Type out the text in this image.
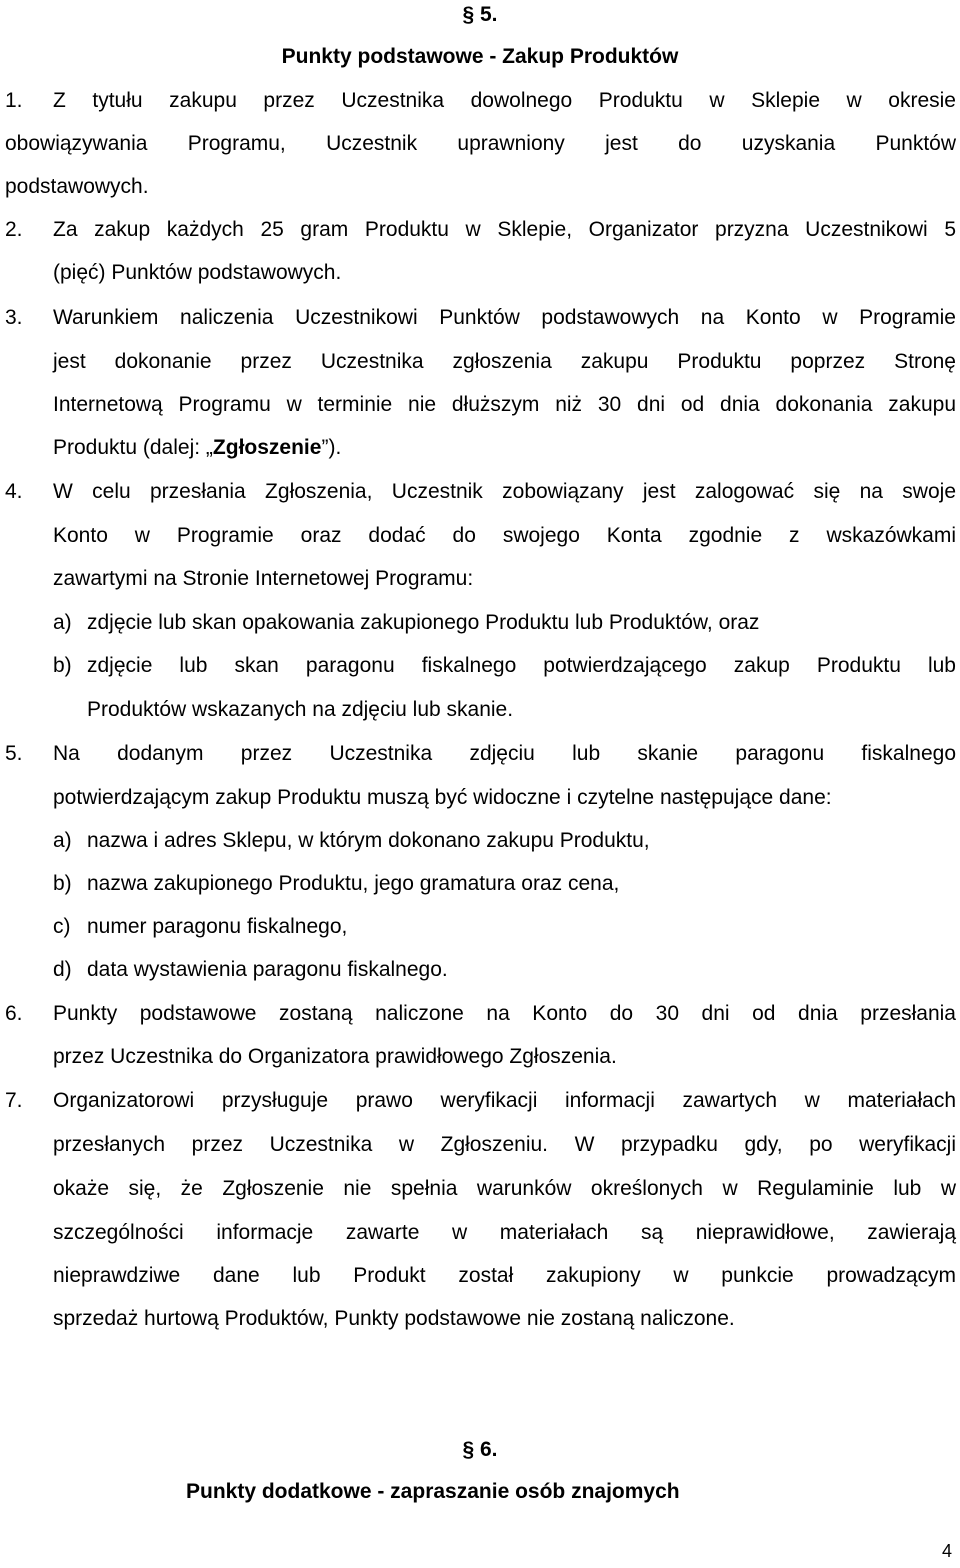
§ 5.
Punkty podstawowe - Zakup Produktów
1. Z tytułu zakupu przez Uczestnika dowolnego Produktu w Sklepie w okresie
obowiązywania Programu, Uczestnik uprawniony jest do uzyskania Punktów
podstawowych.
2. Za zakup każdych 25 gram Produktu w Sklepie, Organizator przyzna Uczestnikowi 5
(pięć) Punktów podstawowych.
3. Warunkiem naliczenia Uczestnikowi Punktów podstawowych na Konto w Programie
jest dokonanie przez Uczestnika zgłoszenia zakupu Produktu poprzez Stronę
Internetową Programu w terminie nie dłuższym niż 30 dni od dnia dokonania zakupu
Produktu (dalej: „Zgłoszenie”).
4. W celu przesłania Zgłoszenia, Uczestnik zobowiązany jest zalogować się na swoje
Konto w Programie oraz dodać do swojego Konta zgodnie z wskazówkami
zawartymi na Stronie Internetowej Programu:
a) zdjęcie lub skan opakowania zakupionego Produktu lub Produktów, oraz
b) zdjęcie lub skan paragonu fiskalnego potwierdzającego zakup Produktu lub
Produktów wskazanych na zdjęciu lub skanie.
5. Na dodanym przez Uczestnika zdjęciu lub skanie paragonu fiskalnego
potwierdzającym zakup Produktu muszą być widoczne i czytelne następujące dane:
a) nazwa i adres Sklepu, w którym dokonano zakupu Produktu,
b) nazwa zakupionego Produktu, jego gramatura oraz cena,
c) numer paragonu fiskalnego,
d) data wystawienia paragonu fiskalnego.
6. Punkty podstawowe zostaną naliczone na Konto do 30 dni od dnia przesłania
przez Uczestnika do Organizatora prawidłowego Zgłoszenia.
7. Organizatorowi przysługuje prawo weryfikacji informacji zawartych w materiałach
przesłanych przez Uczestnika w Zgłoszeniu. W przypadku gdy, po weryfikacji
okaże się, że Zgłoszenie nie spełnia warunków określonych w Regulaminie lub w
szczególności informacje zawarte w materiałach są nieprawidłowe, zawierają
nieprawdziwe dane lub Produkt został zakupiony w punkcie prowadzącym
sprzedaż hurtową Produktów, Punkty podstawowe nie zostaną naliczone.
§ 6.
Punkty dodatkowe - zapraszanie osób znajomych
4
